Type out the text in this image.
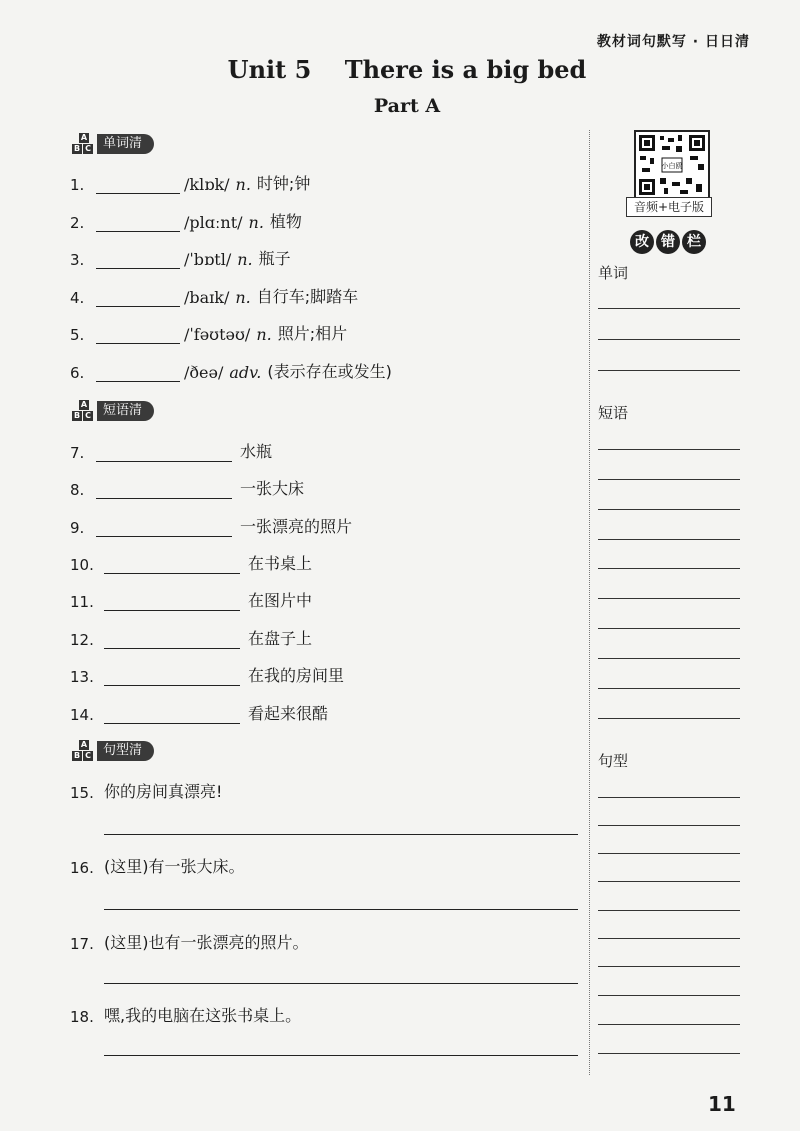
教材词句默写 · 日日清
Unit 5    There is a big bed
Part A
A
B C 单词清
1.	/klɒk/ n. 时钟;钟
2.	/plɑːnt/ n. 植物
3.	/ˈbɒtl/ n. 瓶子
4.	/baɪk/ n. 自行车;脚踏车
5.	/ˈfəʊtəʊ/ n. 照片;相片
6.	/ðeə/ adv. (表示存在或发生)
A
B C 短语清
7.	水瓶
8.	一张大床
9.	一张漂亮的照片
10.	在书桌上
11.	在图片中
12.	在盘子上
13.	在我的房间里
14.	看起来很酷
A
B C 句型清
15. 你的房间真漂亮!
16. (这里)有一张大床。
17. (这里)也有一张漂亮的照片。
18. 嘿,我的电脑在这张书桌上。
小白鸥
音频+电子版
改 错 栏
单词
短语
句型
11
